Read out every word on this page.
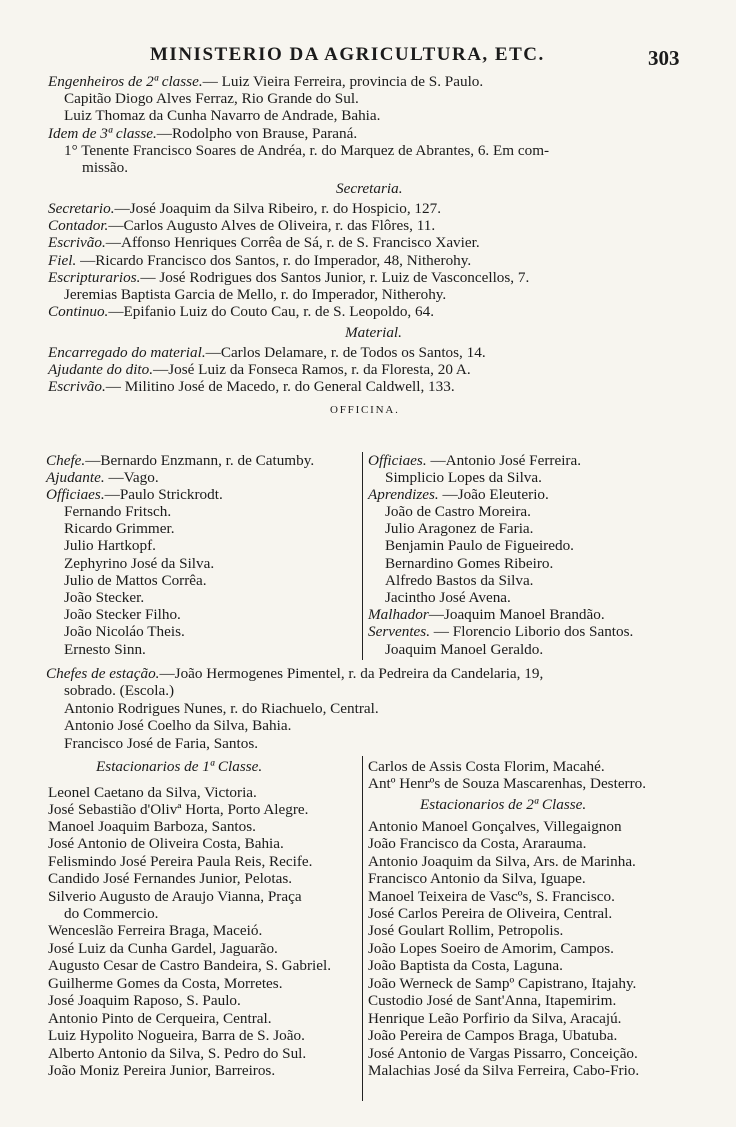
MINISTERIO DA AGRICULTURA, ETC.	303
Engenheiros de 2ª classe.— Luiz Vieira Ferreira, provincia de S. Paulo.
Capitão Diogo Alves Ferraz, Rio Grande do Sul.
Luiz Thomaz da Cunha Navarro de Andrade, Bahia.
Idem de 3ª classe.—Rodolpho von Brause, Paraná.
1° Tenente Francisco Soares de Andréa, r. do Marquez de Abrantes, 6. Em com-
missão.
Secretaria.
Secretario.—José Joaquim da Silva Ribeiro, r. do Hospicio, 127.
Contador.—Carlos Augusto Alves de Oliveira, r. das Flôres, 11.
Escrivão.—Affonso Henriques Corrêa de Sá, r. de S. Francisco Xavier.
Fiel. —Ricardo Francisco dos Santos, r. do Imperador, 48, Nitherohy.
Escripturarios.— José Rodrigues dos Santos Junior, r. Luiz de Vasconcellos, 7.
Jeremias Baptista Garcia de Mello, r. do Imperador, Nitherohy.
Continuo.—Epifanio Luiz do Couto Cau, r. de S. Leopoldo, 64.
Material.
Encarregado do material.—Carlos Delamare, r. de Todos os Santos, 14.
Ajudante do dito.—José Luiz da Fonseca Ramos, r. da Floresta, 20 A.
Escrivão.— Militino José de Macedo, r. do General Caldwell, 133.
OFFICINA.
Chefe.—Bernardo Enzmann, r. de Catumby.
Ajudante. —Vago.
Officiaes.—Paulo Strickrodt.
Fernando Fritsch.
Ricardo Grimmer.
Julio Hartkopf.
Zephyrino José da Silva.
Julio de Mattos Corrêa.
João Stecker.
João Stecker Filho.
João Nicoláo Theis.
Ernesto Sinn.
Officiaes. —Antonio José Ferreira.
Simplicio Lopes da Silva.
Aprendizes. —João Eleuterio.
João de Castro Moreira.
Julio Aragonez de Faria.
Benjamin Paulo de Figueiredo.
Bernardino Gomes Ribeiro.
Alfredo Bastos da Silva.
Jacintho José Avena.
Malhador—Joaquim Manoel Brandão.
Serventes. — Florencio Liborio dos Santos.
Joaquim Manoel Geraldo.
Chefes de estação.—João Hermogenes Pimentel, r. da Pedreira da Candelaria, 19,
sobrado. (Escola.)
Antonio Rodrigues Nunes, r. do Riachuelo, Central.
Antonio José Coelho da Silva, Bahia.
Francisco José de Faria, Santos.
Estacionarios de 1ª Classe.
Leonel Caetano da Silva, Victoria.
José Sebastião d'Olivª Horta, Porto Alegre.
Manoel Joaquim Barboza, Santos.
José Antonio de Oliveira Costa, Bahia.
Felismindo José Pereira Paula Reis, Recife.
Candido José Fernandes Junior, Pelotas.
Silverio Augusto de Araujo Vianna, Praça
do Commercio.
Wenceslão Ferreira Braga, Maceió.
José Luiz da Cunha Gardel, Jaguarão.
Augusto Cesar de Castro Bandeira, S. Gabriel.
Guilherme Gomes da Costa, Morretes.
José Joaquim Raposo, S. Paulo.
Antonio Pinto de Cerqueira, Central.
Luiz Hypolito Nogueira, Barra de S. João.
Alberto Antonio da Silva, S. Pedro do Sul.
João Moniz Pereira Junior, Barreiros.
Carlos de Assis Costa Florim, Macahé.
Antº Henrºs de Souza Mascarenhas, Desterro.
Estacionarios de 2ª Classe.
Antonio Manoel Gonçalves, Villegaignon
João Francisco da Costa, Ararauma.
Antonio Joaquim da Silva, Ars. de Marinha.
Francisco Antonio da Silva, Iguape.
Manoel Teixeira de Vascºs, S. Francisco.
José Carlos Pereira de Oliveira, Central.
José Goulart Rollim, Petropolis.
João Lopes Soeiro de Amorim, Campos.
João Baptista da Costa, Laguna.
João Werneck de Sampº Capistrano, Itajahy.
Custodio José de Sant'Anna, Itapemirim.
Henrique Leão Porfirio da Silva, Aracajú.
João Pereira de Campos Braga, Ubatuba.
José Antonio de Vargas Pissarro, Conceição.
Malachias José da Silva Ferreira, Cabo-Frio.
